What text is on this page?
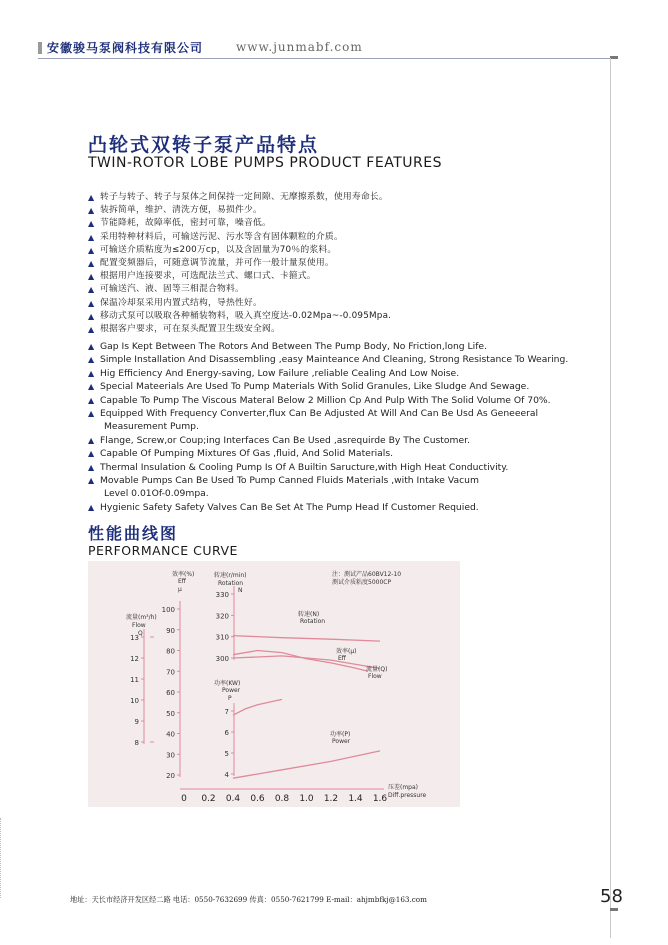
安徽骏马泵阀科技有限公司	www.junmabf.com
凸轮式双转子泵产品特点
TWIN-ROTOR LOBE PUMPS PRODUCT FEATURES
▲ 转子与转子、转子与泵体之间保持一定间隙、无摩擦系数，使用寿命长。
▲ 装拆简单，维护、清洗方便，易损件少。
▲ 节能降耗，故障率低，密封可靠，噪音低。
▲ 采用特种材料后，可输送污泥、污水等含有固体颗粒的介质。
▲ 可输送介质粘度为≤200万cp，以及含固量为70％的浆料。
▲ 配置变频器后，可随意调节流量，并可作一般计量泵使用。
▲ 根据用户连接要求，可选配法兰式、螺口式、卡箍式。
▲ 可输送汽、液、固等三相混合物料。
▲ 保温冷却泵采用内置式结构，导热性好。
▲ 移动式泵可以吸取各种桶装物料，吸入真空度达-0.02Mpa~-0.095Mpa.
▲ 根据客户要求，可在泵头配置卫生级安全阀。
▲ Gap Is Kept Between The Rotors And Between The Pump Body, No Friction,long Life.
▲ Simple Installation And Disassembling ,easy Mainteance And Cleaning, Strong Resistance To Wearing.
▲ Hig Efficiency And Energy-saving, Low Failure ,reliable Cealing And Low Noise.
▲ Special Mateerials Are Used To Pump Materials With Solid Granules, Like Sludge And Sewage.
▲ Capable To Pump The Viscous Materal Below 2 Million Cp And Pulp With The Solid Volume Of 70%.
▲ Equipped With Frequency Converter,flux Can Be Adjusted At Will And Can Be Usd As Geneeeral
Measurement Pump.
▲ Flange, Screw,or Coup;ing Interfaces Can Be Used ,asrequirde By The Customer.
▲ Capable Of Pumping Mixtures Of Gas ,fluid, And Solid Materials.
▲ Thermal Insulation & Cooling Pump Is Of A Builtin Saructure,with High Heat Conductivity.
▲ Movable Pumps Can Be Used To Pump Canned Fluids Materials ,with Intake Vacum
Level 0.01Of-0.09mpa.
▲ Hygienic Safety Safety Valves Can Be Set At The Pump Head If Customer Requied.
性能曲线图
PERFORMANCE CURVE
0 0.2 0.4 0.6 0.8 1.0 1.2 1.4 1.6
压差(mpa)
Diff.pressure
8
9
10
11
12
13
20
30
40
50
60
70
80
90
100
300
310
320
330
4
5
6
7
流量(m³/h)
Flow
Q
效率(%)
Eff
μ
转速(r/min)
Rotation
N
功率(KW)
Power
P
注：测试产品60BV12-10
测试介质粘度5000CP
转速(N)
Rotation
效率(μ)
Eff
流量(Q)
Flow
功率(P)
Power
地址：天长市经济开发区经二路 电话：0550-7632699 传真：0550-7621799 E-mail：ahjmbfkj@163.com	58
